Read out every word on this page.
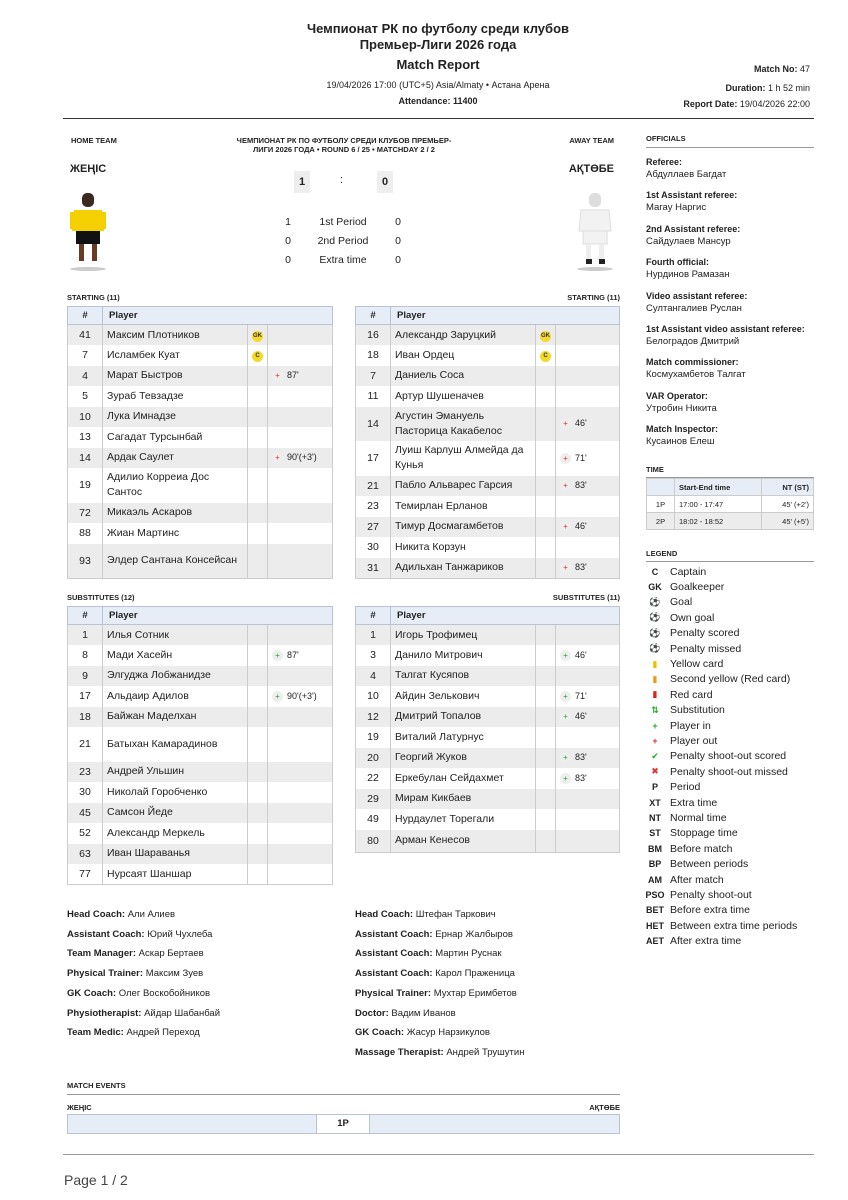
Чемпионат РК по футболу среди клубов
Премьер-Лиги 2026 года
Match Report
19/04/2026 17:00 (UTC+5) Asia/Almaty • Астана Арена
Attendance: 11400
Match No: 47
Duration: 1 h 52 min
Report Date: 19/04/2026 22:00
HOME TEAM	AWAY TEAM
ЧЕМПИОНАТ РК ПО ФУТБОЛУ СРЕДИ КЛУБОВ ПРЕМЬЕР-ЛИГИ 2026 ГОДА • ROUND 6 / 25 • MATCHDAY 2 / 2
ЖЕҢІС	АҚТӨБЕ
1	:	0
1	1st Period	0
0	2nd Period	0
0	Extra time	0
STARTING (11)	STARTING (11)
#	Player		
41	Максим Плотников	GK	
7	Исламбек Куат	C	
4	Марат Быстров		+ 87'
5	Зураб Тевзадзе		
10	Лука Имнадзе		
13	Сагадат Турсынбай		
14	Ардак Саулет		+ 90'(+3')
19	Адилио Корреиа Дос Сантос		
72	Микаэль Аскаров		
88	Жиан Мартинс		
93	Элдер Сантана Консейсан		
#	Player		
16	Александр Заруцкий	GK	
18	Иван Ордец	C	
7	Даниель Соса		
11	Артур Шушеначев		
14	Агустин Эмануель Пасторица Какабелос		+ 46'
17	Луиш Карлуш Алмейда да Кунья		+ 71'
21	Пабло Альварес Гарсия		+ 83'
23	Темирлан Ерланов		
27	Тимур Досмагамбетов		+ 46'
30	Никита Корзун		
31	Адильхан Танжариков		+ 83'
SUBSTITUTES (12)	SUBSTITUTES (11)
#	Player		
1	Илья Сотник		
8	Мади Хасейн		+ 87'
9	Элгуджа Лобжанидзе		
17	Альдаир Адилов		+ 90'(+3')
18	Байжан Маделхан		
21	Батыхан Камарадинов		
23	Андрей Ульшин		
30	Николай Горобченко		
45	Самсон Йеде		
52	Александр Меркель		
63	Иван Шараванья		
77	Нурсаят Шаншар		
#	Player		
1	Игорь Трофимец		
3	Данило Митрович		+ 46'
4	Талгат Кусяпов		
10	Айдин Зелькович		+ 71'
12	Дмитрий Топалов		+ 46'
19	Виталий Латурнус		
20	Георгий Жуков		+ 83'
22	Еркебулан Сейдахмет		+ 83'
29	Мирам Кикбаев		
49	Нурдаулет Торегали		
80	Арман Кенесов		
Head Coach: Али Алиев
Assistant Coach: Юрий Чухлеба
Team Manager: Аскар Бертаев
Physical Trainer: Максим Зуев
GK Coach: Олег Воскобойников
Physiotherapist: Айдар Шабанбай
Team Medic: Андрей Переход
Head Coach: Штефан Таркович
Assistant Coach: Ернар Жалбыров
Assistant Coach: Мартин Руснак
Assistant Coach: Карол Праженица
Physical Trainer: Мухтар Еримбетов
Doctor: Вадим Иванов
GK Coach: Жасур Нарзикулов
Massage Therapist: Андрей Трушутин
OFFICIALS
Referee:
Абдуллаев Багдат
1st Assistant referee:
Магау Наргис
2nd Assistant referee:
Сайдулаев Мансур
Fourth official:
Нурдинов Рамазан
Video assistant referee:
Султангалиев Руслан
1st Assistant video assistant referee:
Белоградов Дмитрий
Match commissioner:
Космухамбетов Талгат
VAR Operator:
Утробин Никита
Match Inspector:
Кусаинов Елеш
TIME
	Start-End time	NT (ST)
1P	17:00 - 17:47	45' (+2')
2P	18:02 - 18:52	45' (+5')
LEGEND
C	Captain
GK Goalkeeper
⚽ Goal
⚽ Own goal
⚽ Penalty scored
⚽ Penalty missed
▮	Yellow card
▮	Second yellow (Red card)
▮	Red card
⇅	Substitution
+	Player in
+	Player out
✔	Penalty shoot-out scored
✖	Penalty shoot-out missed
P	Period
XT Extra time
NT Normal time
ST Stoppage time
BM Before match
BP Between periods
AM After match
PSO Penalty shoot-out
BET Before extra time
HET Between extra time periods
AET After extra time
MATCH EVENTS
ЖЕҢІС	АҚТӨБЕ
1P
Page 1 / 2
